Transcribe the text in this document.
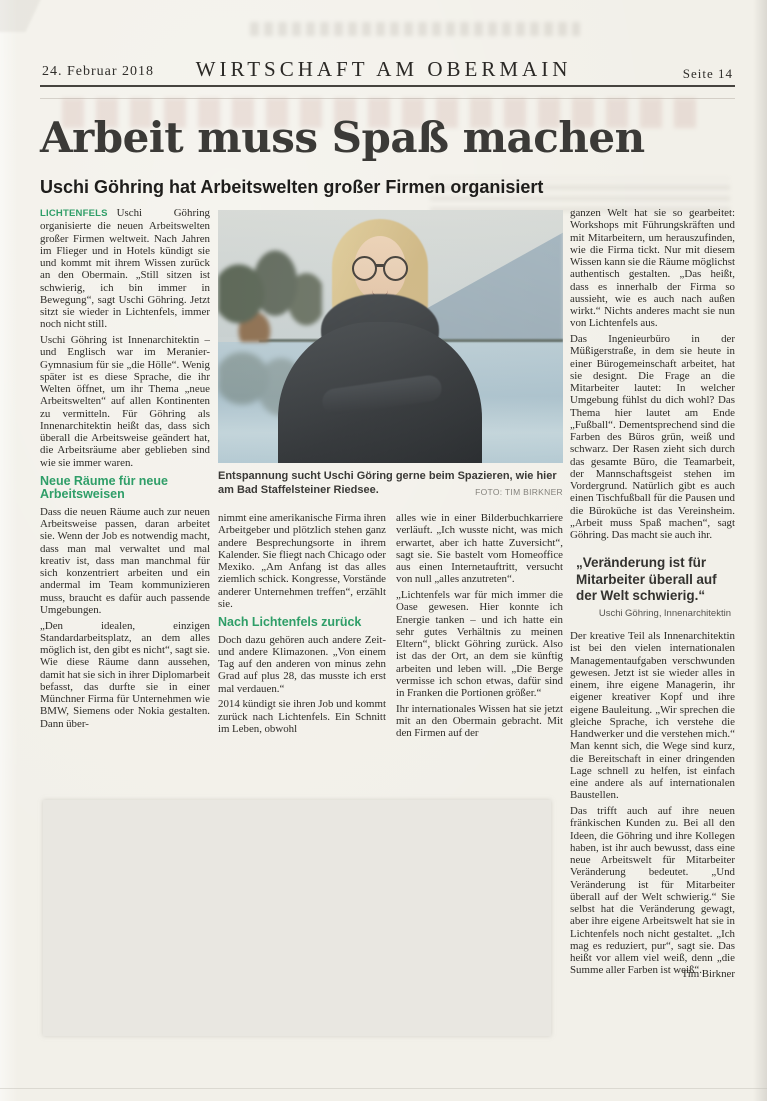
24. Februar 2018	WIRTSCHAFT AM OBERMAIN	Seite 14
Arbeit muss Spaß machen
Uschi Göhring hat Arbeitswelten großer Firmen organisiert
Entspannung sucht Uschi Göring gerne beim Spazieren, wie hier am Bad Staffelsteiner Riedsee.	FOTO: TIM BIRKNER

LICHTENFELS Uschi Göhring organisierte die neuen Arbeitswelten großer Firmen weltweit. Nach Jahren im Flieger und in Hotels kündigt sie und kommt mit ihrem Wissen zurück an den Obermain. „Still sitzen ist schwierig, ich bin immer in Bewegung“, sagt Uschi Göhring. Jetzt sitzt sie wieder in Lichtenfels, immer noch nicht still.

Uschi Göhring ist Innenarchitektin – und Englisch war im Meranier-Gymnasium für sie „die Hölle“. Wenig später ist es diese Sprache, die ihr Welten öffnet, um ihr Thema „neue Arbeitswelten“ auf allen Kontinenten zu vermitteln. Für Göhring als Innenarchitektin heißt das, dass sich überall die Arbeitsweise geändert hat, die Arbeitsräume aber geblieben sind wie sie immer waren.

Neue Räume für neue Arbeitsweisen

Dass die neuen Räume auch zur neuen Arbeitsweise passen, daran arbeitet sie. Wenn der Job es notwendig macht, dass man mal verwaltet und mal kreativ ist, dass man manchmal für sich konzentriert arbeiten und ein andermal im Team kommunizieren muss, braucht es dafür auch passende Umgebungen.

„Den idealen, einzigen Standardarbeitsplatz, an dem alles möglich ist, den gibt es nicht“, sagt sie. Wie diese Räume dann aussehen, damit hat sie sich in ihrer Diplomarbeit befasst, das durfte sie in einer Münchner Firma für Unternehmen wie BMW, Siemens oder Nokia gestalten. Dann über-

nimmt eine amerikanische Firma ihren Arbeitgeber und plötzlich stehen ganz andere Besprechungsorte in ihrem Kalender. Sie fliegt nach Chicago oder Mexiko. „Am Anfang ist das alles ziemlich schick. Kongresse, Vorstände anderer Unternehmen treffen“, erzählt sie.

Nach Lichtenfels zurück

Doch dazu gehören auch andere Zeit- und andere Klimazonen. „Von einem Tag auf den anderen von minus zehn Grad auf plus 28, das musste ich erst mal verdauen.“

2014 kündigt sie ihren Job und kommt zurück nach Lichtenfels. Ein Schnitt im Leben, obwohl

alles wie in einer Bilderbuchkarriere verläuft. „Ich wusste nicht, was mich erwartet, aber ich hatte Zuversicht“, sagt sie. Sie bastelt vom Homeoffice aus einen Internetauftritt, versucht von null „alles anzutreten“.

„Lichtenfels war für mich immer die Oase gewesen. Hier konnte ich Energie tanken – und ich hatte ein sehr gutes Verhältnis zu meinen Eltern“, blickt Göhring zurück. Also ist das der Ort, an dem sie künftig arbeiten und leben will. „Die Berge vermisse ich schon etwas, dafür sind in Franken die Portionen größer.“

Ihr internationales Wissen hat sie jetzt mit an den Obermain gebracht. Mit den Firmen auf der

ganzen Welt hat sie so gearbeitet: Workshops mit Führungskräften und mit Mitarbeitern, um herauszufinden, wie die Firma tickt. Nur mit diesem Wissen kann sie die Räume möglichst authentisch gestalten. „Das heißt, dass es innerhalb der Firma so aussieht, wie es auch nach außen wirkt.“ Nichts anderes macht sie nun von Lichtenfels aus.

Das Ingenieurbüro in der Müßigerstraße, in dem sie heute in einer Bürogemeinschaft arbeitet, hat sie designt. Die Frage an die Mitarbeiter lautet: In welcher Umgebung fühlst du dich wohl? Das Thema hier lautet am Ende „Fußball“. Dementsprechend sind die Farben des Büros grün, weiß und schwarz. Der Rasen zieht sich durch das gesamte Büro, die Teamarbeit, der Mannschaftsgeist stehen im Vordergrund. Natürlich gibt es auch einen Tischfußball für die Pausen und die Büroküche ist das Vereinsheim. „Arbeit muss Spaß machen“, sagt Göhring. Das macht sie auch ihr.

„Veränderung ist für Mitarbeiter überall auf der Welt schwierig.“
Uschi Göhring, Innenarchitektin

Der kreative Teil als Innenarchitektin ist bei den vielen internationalen Managementaufgaben verschwunden gewesen. Jetzt ist sie wieder alles in einem, ihre eigene Managerin, ihr eigener kreativer Kopf und ihre eigene Bauleitung. „Wir sprechen die gleiche Sprache, ich verstehe die Handwerker und die verstehen mich.“ Man kennt sich, die Wege sind kurz, die Bereitschaft in einer dringenden Lage schnell zu helfen, ist einfach eine andere als auf internationalen Baustellen.

Das trifft auch auf ihre neuen fränkischen Kunden zu. Bei all den Ideen, die Göhring und ihre Kollegen haben, ist ihr auch bewusst, dass eine neue Arbeitswelt für Mitarbeiter Veränderung bedeutet. „Und Veränderung ist für Mitarbeiter überall auf der Welt schwierig.“ Sie selbst hat die Veränderung gewagt, aber ihre eigene Arbeitswelt hat sie in Lichtenfels noch nicht gestaltet. „Ich mag es reduziert, pur“, sagt sie. Das heißt vor allem viel weiß, denn „die Summe aller Farben ist weiß“.

Tim Birkner
